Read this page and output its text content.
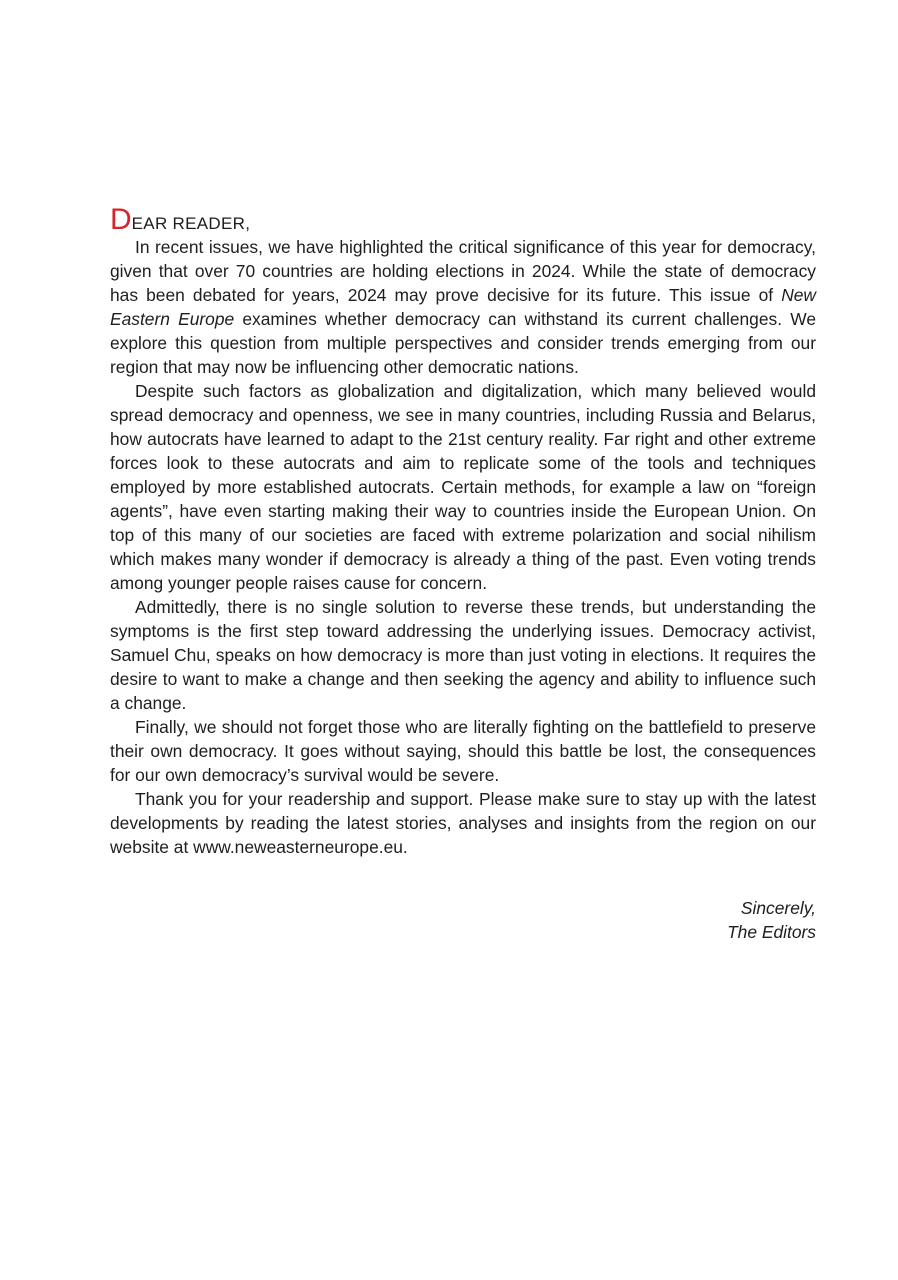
D EAR READER,

In recent issues, we have highlighted the critical significance of this year for democracy, given that over 70 countries are holding elections in 2024. While the state of democracy has been debated for years, 2024 may prove decisive for its future. This issue of New Eastern Europe examines whether democracy can withstand its current challenges. We explore this question from multiple perspectives and consider trends emerging from our region that may now be influencing other democratic nations.

Despite such factors as globalization and digitalization, which many believed would spread democracy and openness, we see in many countries, including Russia and Belarus, how autocrats have learned to adapt to the 21st century reality. Far right and other extreme forces look to these autocrats and aim to replicate some of the tools and techniques employed by more established autocrats. Certain methods, for example a law on “foreign agents”, have even starting making their way to countries inside the European Union. On top of this many of our societies are faced with extreme polarization and social nihilism which makes many wonder if democracy is already a thing of the past. Even voting trends among younger people raises cause for concern.

Admittedly, there is no single solution to reverse these trends, but understanding the symptoms is the first step toward addressing the underlying issues. Democracy activist, Samuel Chu, speaks on how democracy is more than just voting in elections. It requires the desire to want to make a change and then seeking the agency and ability to influence such a change.

Finally, we should not forget those who are literally fighting on the battlefield to preserve their own democracy. It goes without saying, should this battle be lost, the consequences for our own democracy’s survival would be severe.

Thank you for your readership and support. Please make sure to stay up with the latest developments by reading the latest stories, analyses and insights from the region on our website at www.neweasterneurope.eu.

Sincerely,
The Editors
